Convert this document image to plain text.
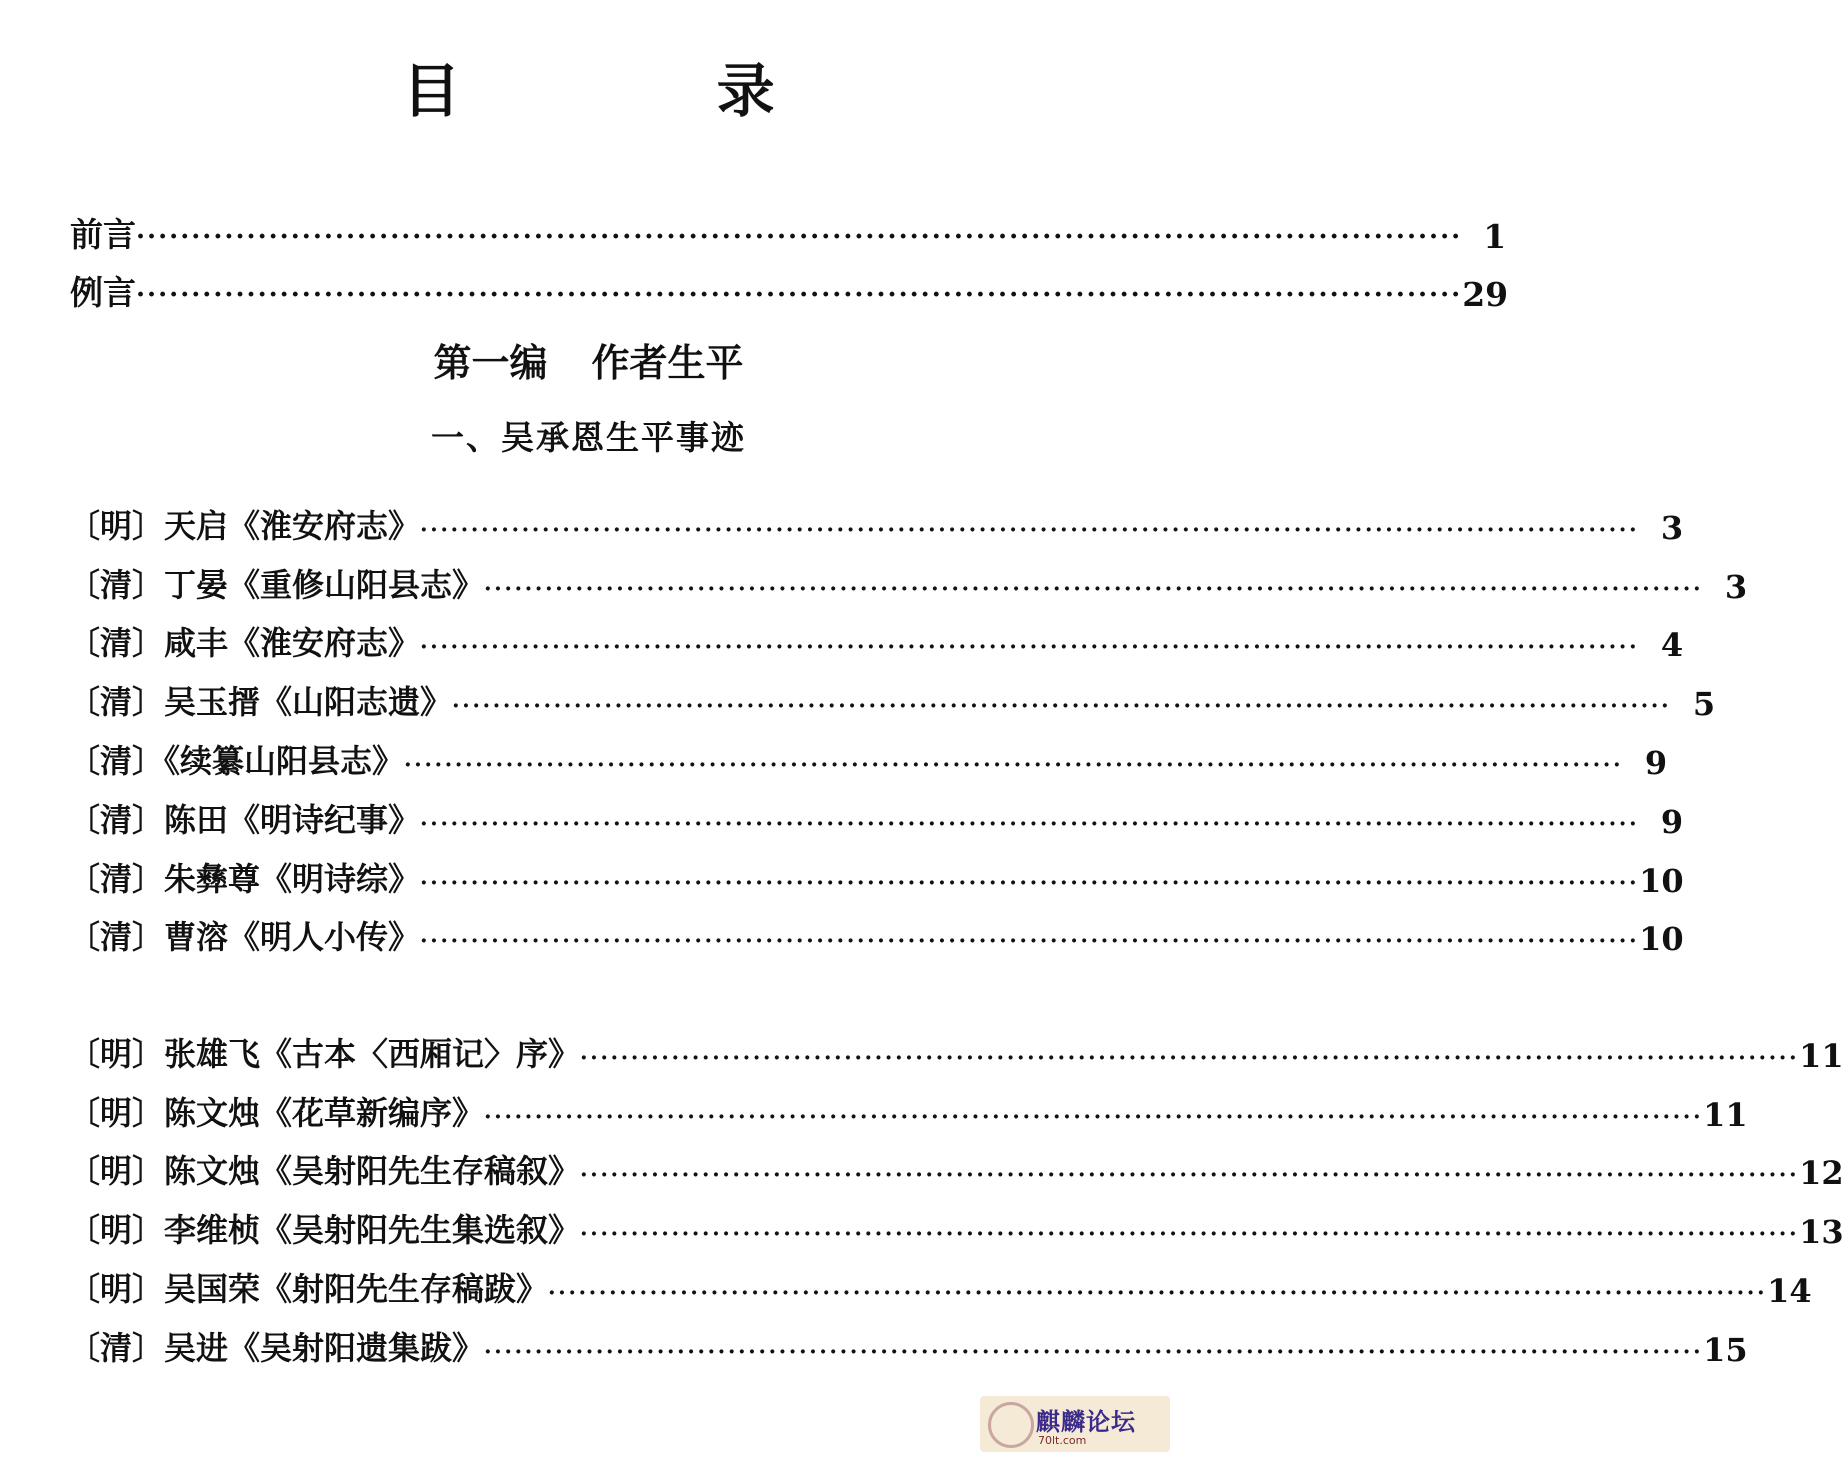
目 录
前 言 ························································································································ 1
例 言 ························································································································ 29
第一编 作者生平
一、吴承恩生平事迹
〔明〕天启《淮安府志》 ························································································································ 3
〔清〕丁晏《重修山阳县志》 ························································································································ 3
〔清〕咸丰《淮安府志》 ························································································································ 4
〔清〕吴玉搢《山阳志遗》 ························································································································ 5
〔清〕《续纂山阳县志》 ························································································································ 9
〔清〕陈田《明诗纪事》 ························································································································ 9
〔清〕朱彝尊《明诗综》 ························································································································ 10
〔清〕曹溶《明人小传》 ························································································································ 10
〔明〕张雄飞《古本〈西厢记〉序》 ························································································································ 11
〔明〕陈文烛《花草新编序》 ························································································································ 11
〔明〕陈文烛《吴射阳先生存稿叙》 ························································································································ 12
〔明〕李维桢《吴射阳先生集选叙》 ························································································································ 13
〔明〕吴国荣《射阳先生存稿跋》 ························································································································ 14
〔清〕吴进《吴射阳遗集跋》 ························································································································ 15
麒麟论坛
70lt.com
